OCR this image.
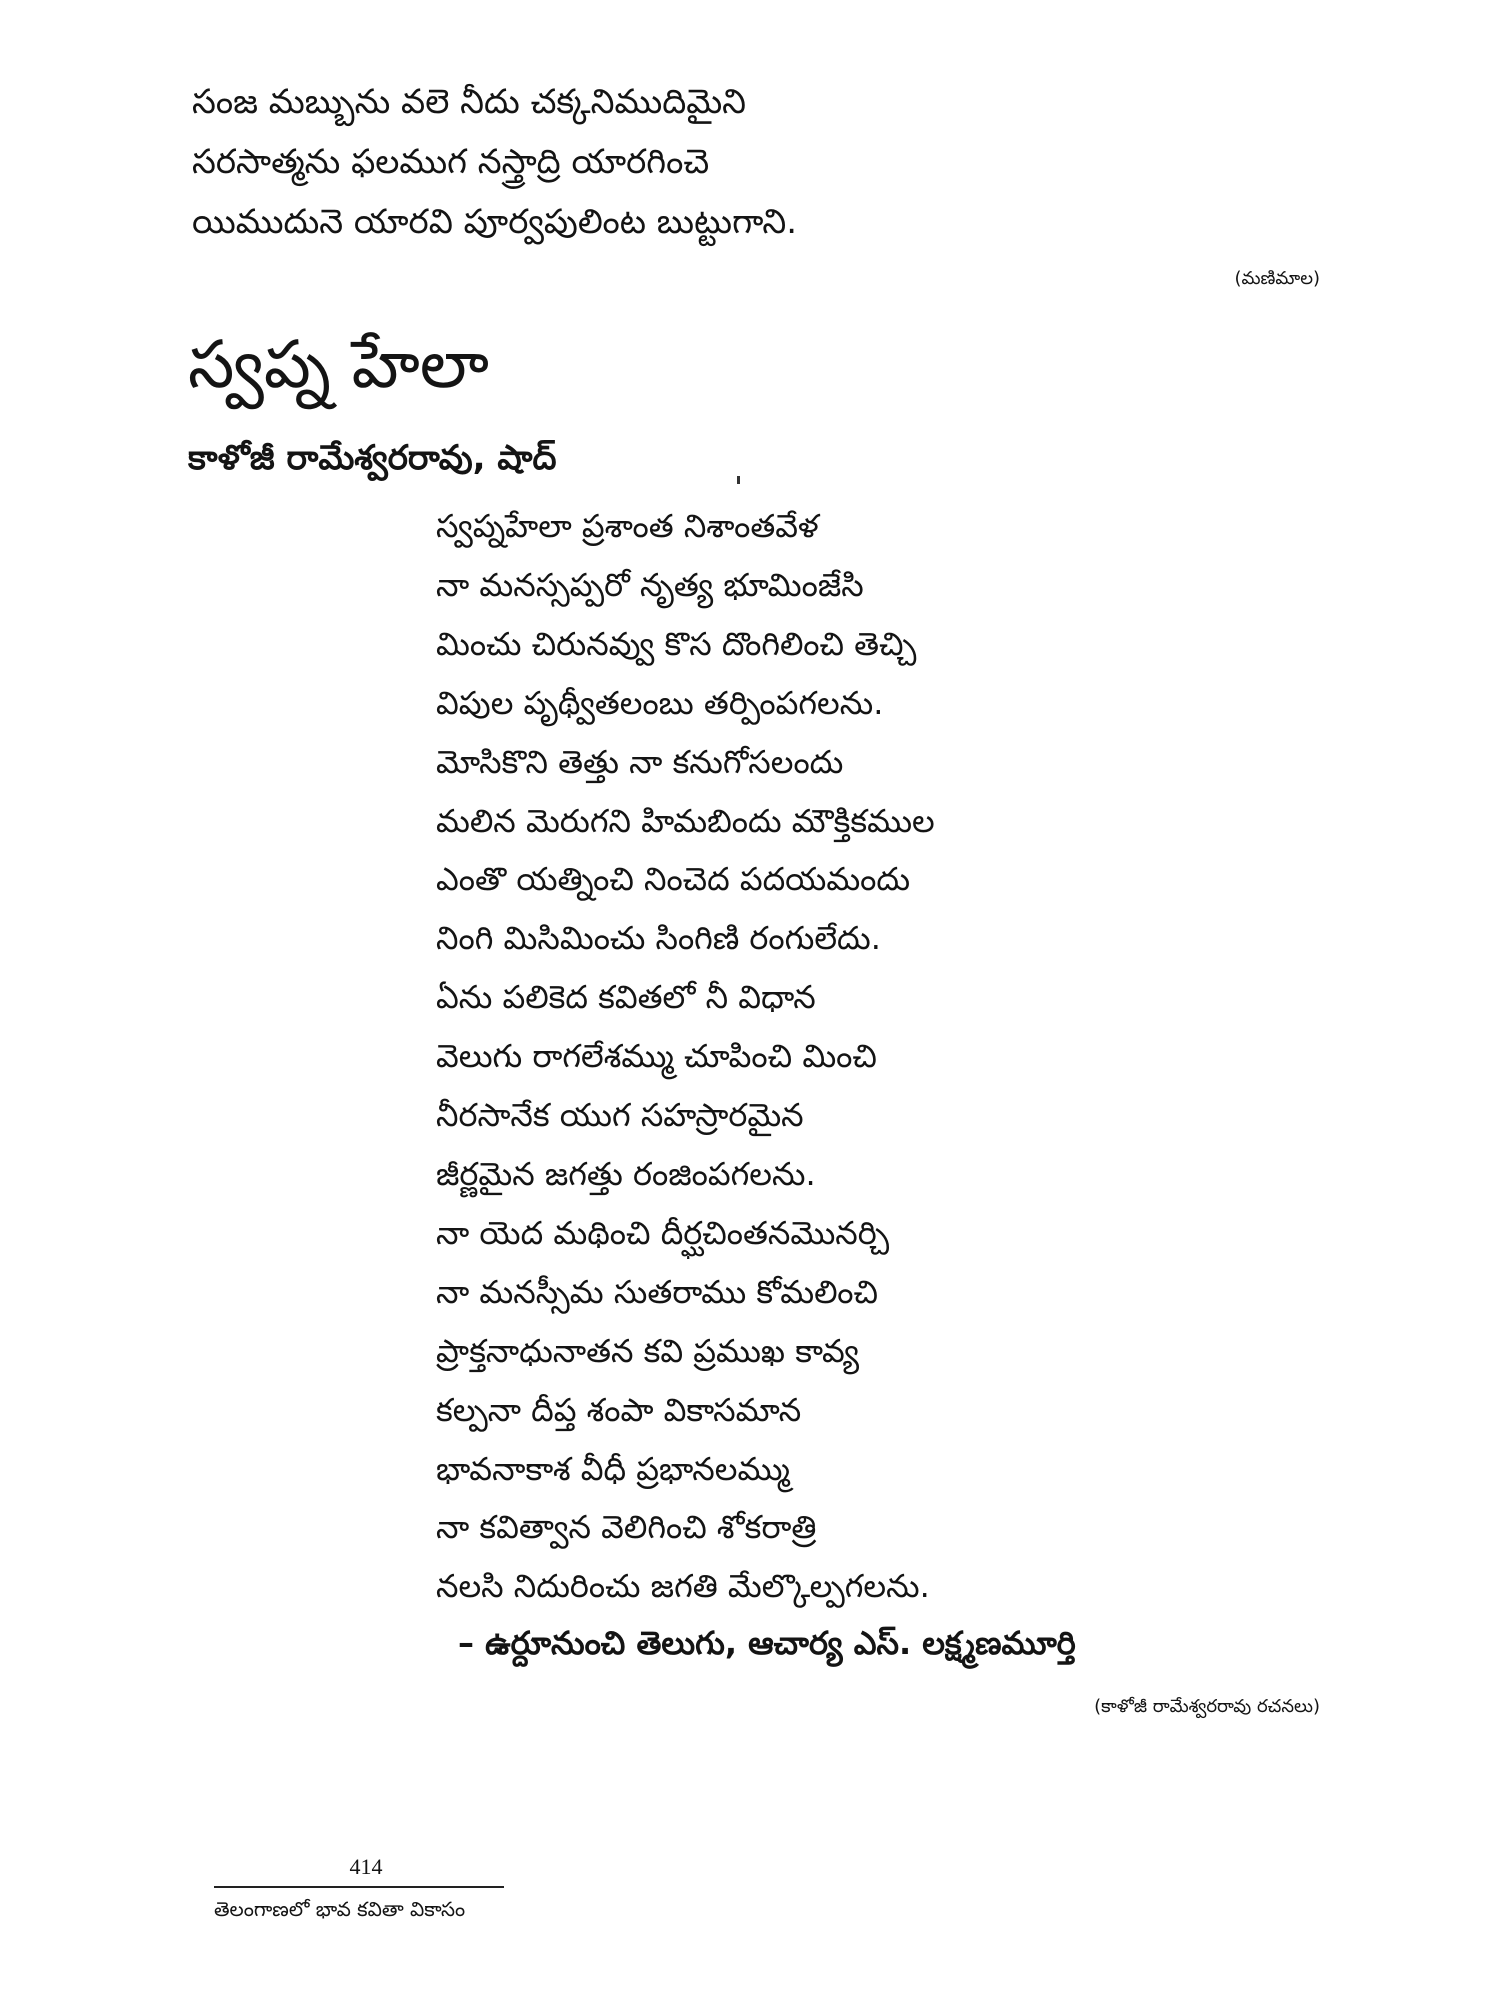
సంజ మబ్బును వలె నీదు చక్కనిముదిమైని

సరసాత్మను ఫలముగ నస్త్రాద్రి యారగించె

యిముదునె యారవి పూర్వపులింట బుట్టుగాని.

(మణిమాల)
స్వప్న హేలా
కాళోజీ రామేశ్వరరావు, షాద్

స్వప్నహేలా ప్రశాంత నిశాంతవేళ

నా మనస్సప్పరో నృత్య భూమింజేసి

మించు చిరునవ్వు కొస దొంగిలించి తెచ్చి

విపుల పృథ్వీతలంబు తర్పింపగలను.

మోసికొని తెత్తు నా కనుగోసలందు

మలిన మెరుగని హిమబిందు మౌక్తికముల

ఎంతొ యత్నించి నించెద పదయమందు

నింగి మిసిమించు సింగిణి రంగులేదు.

ఏను పలికెద కవితలో నీ విధాన

వెలుగు రాగలేశమ్ము చూపించి మించి

నీరసానేక యుగ సహస్రారమైన

జీర్ణమైన జగత్తు రంజింపగలను.

నా యెద మథించి దీర్ఘచింతనమొనర్చి

నా మనస్సీమ సుతరాము కోమలించి

ప్రాక్తనాధునాతన కవి ప్రముఖ కావ్య

కల్పనా దీప్త శంపా వికాసమాన

భావనాకాశ వీధీ ప్రభానలమ్ము

నా కవిత్వాన వెలిగించి శోకరాత్రి

నలసి నిదురించు జగతి మేల్కొల్పగలను.

– ఉర్దూనుంచి తెలుగు, ఆచార్య ఎస్. లక్ష్మణమూర్తి
(కాళోజీ రామేశ్వరరావు రచనలు)
414
తెలంగాణలో భావ కవితా వికాసం
